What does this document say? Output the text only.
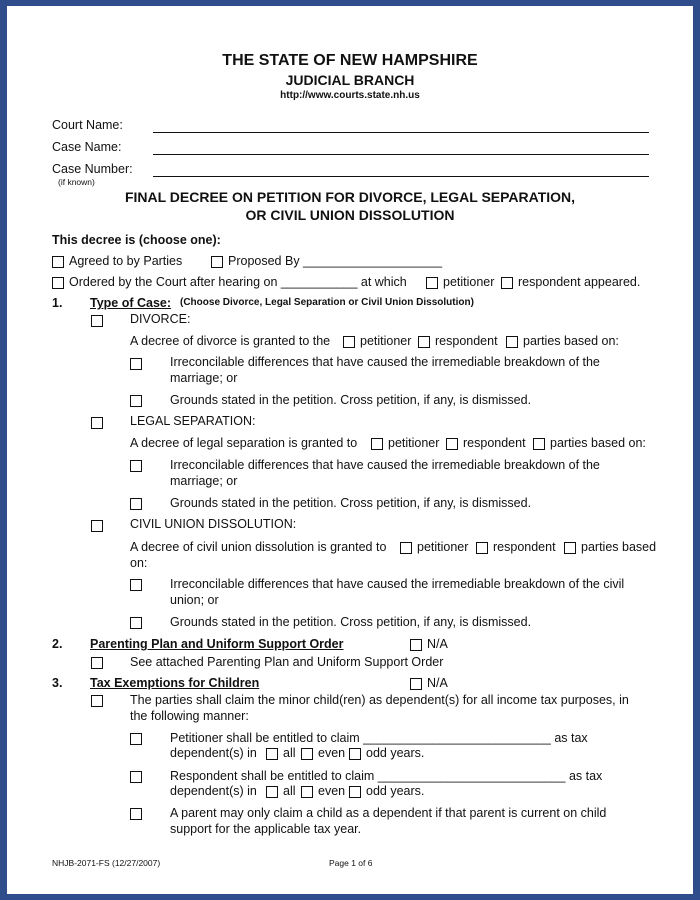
THE STATE OF NEW HAMPSHIRE
JUDICIAL BRANCH
http://www.courts.state.nh.us
Court Name:
Case Name:
Case Number:
(if known)
FINAL DECREE ON PETITION FOR DIVORCE, LEGAL SEPARATION,
OR CIVIL UNION DISSOLUTION
This decree is (choose one):
Agreed to by Parties	Proposed By ____________________
Ordered by the Court after hearing on ___________ at which	petitioner respondent appeared.
1. Type of Case: (Choose Divorce, Legal Separation or Civil Union Dissolution)
DIVORCE:
A decree of divorce is granted to the petitioner respondent parties based on:
Irreconcilable differences that have caused the irremediable breakdown of the
marriage; or
Grounds stated in the petition. Cross petition, if any, is dismissed.
LEGAL SEPARATION:
A decree of legal separation is granted to petitioner respondent parties based on:
Irreconcilable differences that have caused the irremediable breakdown of the
marriage; or
Grounds stated in the petition. Cross petition, if any, is dismissed.
CIVIL UNION DISSOLUTION:
A decree of civil union dissolution is granted to petitioner respondent parties based
on:
Irreconcilable differences that have caused the irremediable breakdown of the civil
union; or
Grounds stated in the petition. Cross petition, if any, is dismissed.
2. Parenting Plan and Uniform Support Order	N/A
See attached Parenting Plan and Uniform Support Order
3. Tax Exemptions for Children	N/A
The parties shall claim the minor child(ren) as dependent(s) for all income tax purposes, in
the following manner:
Petitioner shall be entitled to claim ___________________________ as tax
dependent(s) in all even odd years.
Respondent shall be entitled to claim ___________________________ as tax
dependent(s) in all even odd years.
A parent may only claim a child as a dependent if that parent is current on child
support for the applicable tax year.
NHJB-2071-FS (12/27/2007)	Page 1 of 6
